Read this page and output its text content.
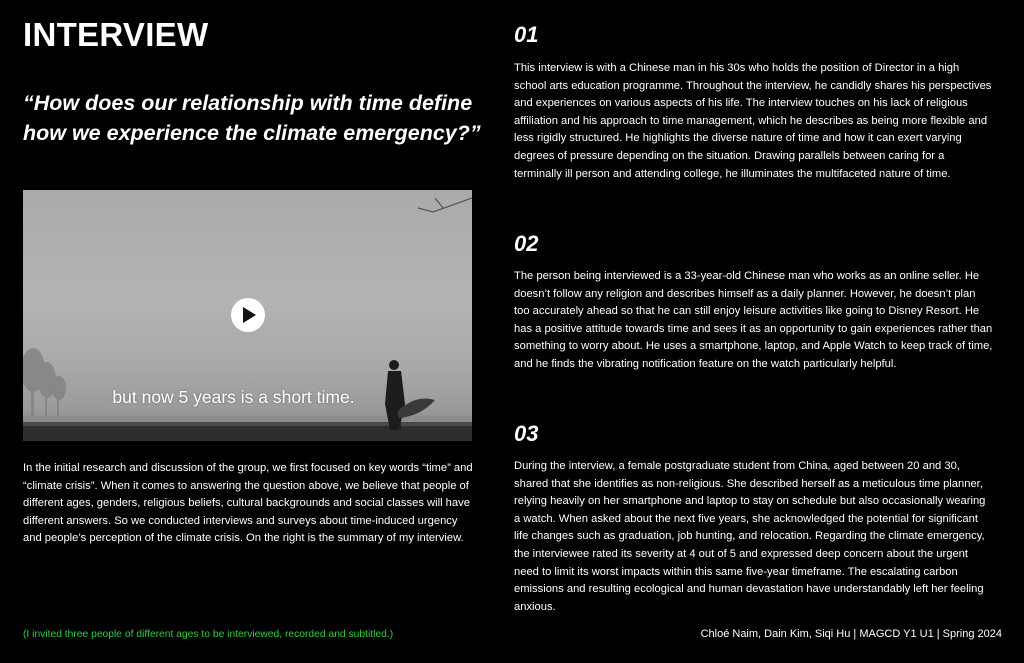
INTERVIEW

“How does our relationship with time define how we experience the climate emergency?”

but now 5 years is a short time.

In the initial research and discussion of the group, we first focused on key words “time” and “climate crisis”. When it comes to answering the question above, we believe that people of different ages, genders, religious beliefs, cultural backgrounds and social classes will have different answers. So we conducted interviews and surveys about time-induced urgency and people’s perception of the climate crisis. On the right is the summary of my interview.

(I invited three people of different ages to be interviewed, recorded and subtitled.)

01

This interview is with a Chinese man in his 30s who holds the position of Director in a high school arts education programme. Throughout the interview, he candidly shares his perspectives and experiences on various aspects of his life. The interview touches on his lack of religious affiliation and his approach to time management, which he describes as being more flexible and less rigidly structured. He highlights the diverse nature of time and how it can exert varying degrees of pressure depending on the situation. Drawing parallels between caring for a terminally ill person and attending college, he illuminates the multifaceted nature of time.

02

The person being interviewed is a 33-year-old Chinese man who works as an online seller. He doesn’t follow any religion and describes himself as a daily planner. However, he doesn’t plan too accurately ahead so that he can still enjoy leisure activities like going to Disney Resort. He has a positive attitude towards time and sees it as an opportunity to gain experiences rather than something to worry about. He uses a smartphone, laptop, and Apple Watch to keep track of time, and he finds the vibrating notification feature on the watch particularly helpful.

03

During the interview, a female postgraduate student from China, aged between 20 and 30, shared that she identifies as non-religious. She described herself as a meticulous time planner, relying heavily on her smartphone and laptop to stay on schedule but also occasionally wearing a watch. When asked about the next five years, she acknowledged the potential for significant life changes such as graduation, job hunting, and relocation. Regarding the climate emergency, the interviewee rated its severity at 4 out of 5 and expressed deep concern about the urgent need to limit its worst impacts within this same five-year timeframe. The escalating carbon emissions and resulting ecological and human devastation have understandably left her feeling anxious.

Chloé Naim, Dain Kim, Siqi Hu | MAGCD Y1 U1 | Spring 2024
